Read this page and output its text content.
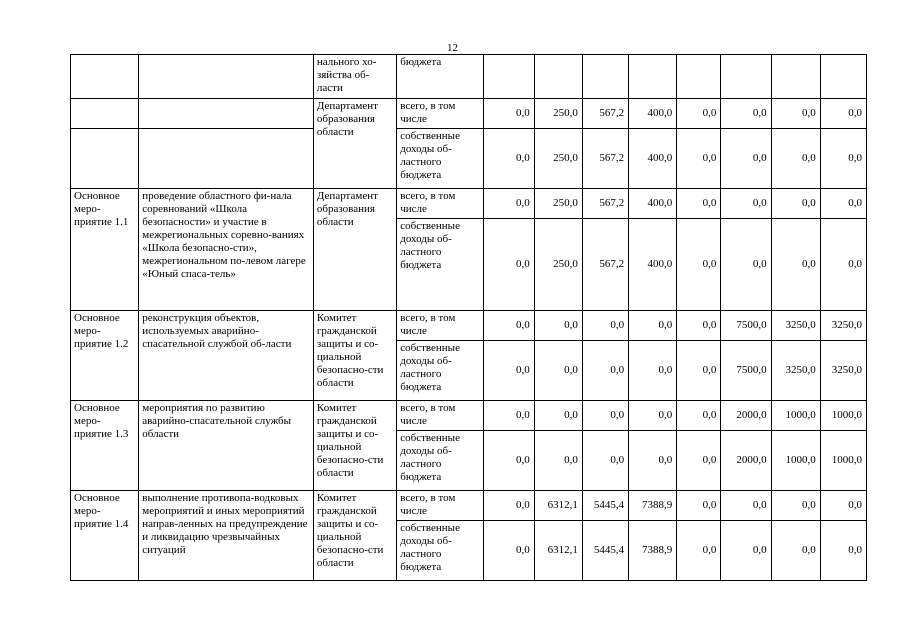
12
		нального хо-зяйства об-ласти	бюджета								
		Департамент образования области	всего, в том числе	0,0	250,0	567,2	400,0	0,0	0,0	0,0	0,0
			собственные доходы об-ластного бюджета	0,0	250,0	567,2	400,0	0,0	0,0	0,0	0,0
Основное меро-приятие 1.1	проведение областного фи-нала соревнований «Школа безопасности» и участие в межрегиональных соревно-ваниях «Школа безопасно-сти», межрегиональном по-левом лагере «Юный спаса-тель»	Департамент образования области	всего, в том числе	0,0	250,0	567,2	400,0	0,0	0,0	0,0	0,0
			собственные доходы об-ластного бюджета	0,0	250,0	567,2	400,0	0,0	0,0	0,0	0,0
Основное меро-приятие 1.2	реконструкция объектов, используемых аварийно-спасательной службой об-ласти	Комитет гражданской защиты и со-циальной безопасно-сти области	всего, в том числе	0,0	0,0	0,0	0,0	0,0	7500,0	3250,0	3250,0
			собственные доходы об-ластного бюджета	0,0	0,0	0,0	0,0	0,0	7500,0	3250,0	3250,0
Основное меро-приятие 1.3	мероприятия по развитию аварийно-спасательной службы области	Комитет гражданской защиты и со-циальной безопасно-сти области	всего, в том числе	0,0	0,0	0,0	0,0	0,0	2000,0	1000,0	1000,0
			собственные доходы об-ластного бюджета	0,0	0,0	0,0	0,0	0,0	2000,0	1000,0	1000,0
Основное меро-приятие 1.4	выполнение противопа-водковых мероприятий и иных мероприятий направ-ленных на предупреждение и ликвидацию чрезвычайных ситуаций	Комитет гражданской защиты и со-циальной безопасно-сти области	всего, в том числе	0,0	6312,1	5445,4	7388,9	0,0	0,0	0,0	0,0
			собственные доходы об-ластного бюджета	0,0	6312,1	5445,4	7388,9	0,0	0,0	0,0	0,0
